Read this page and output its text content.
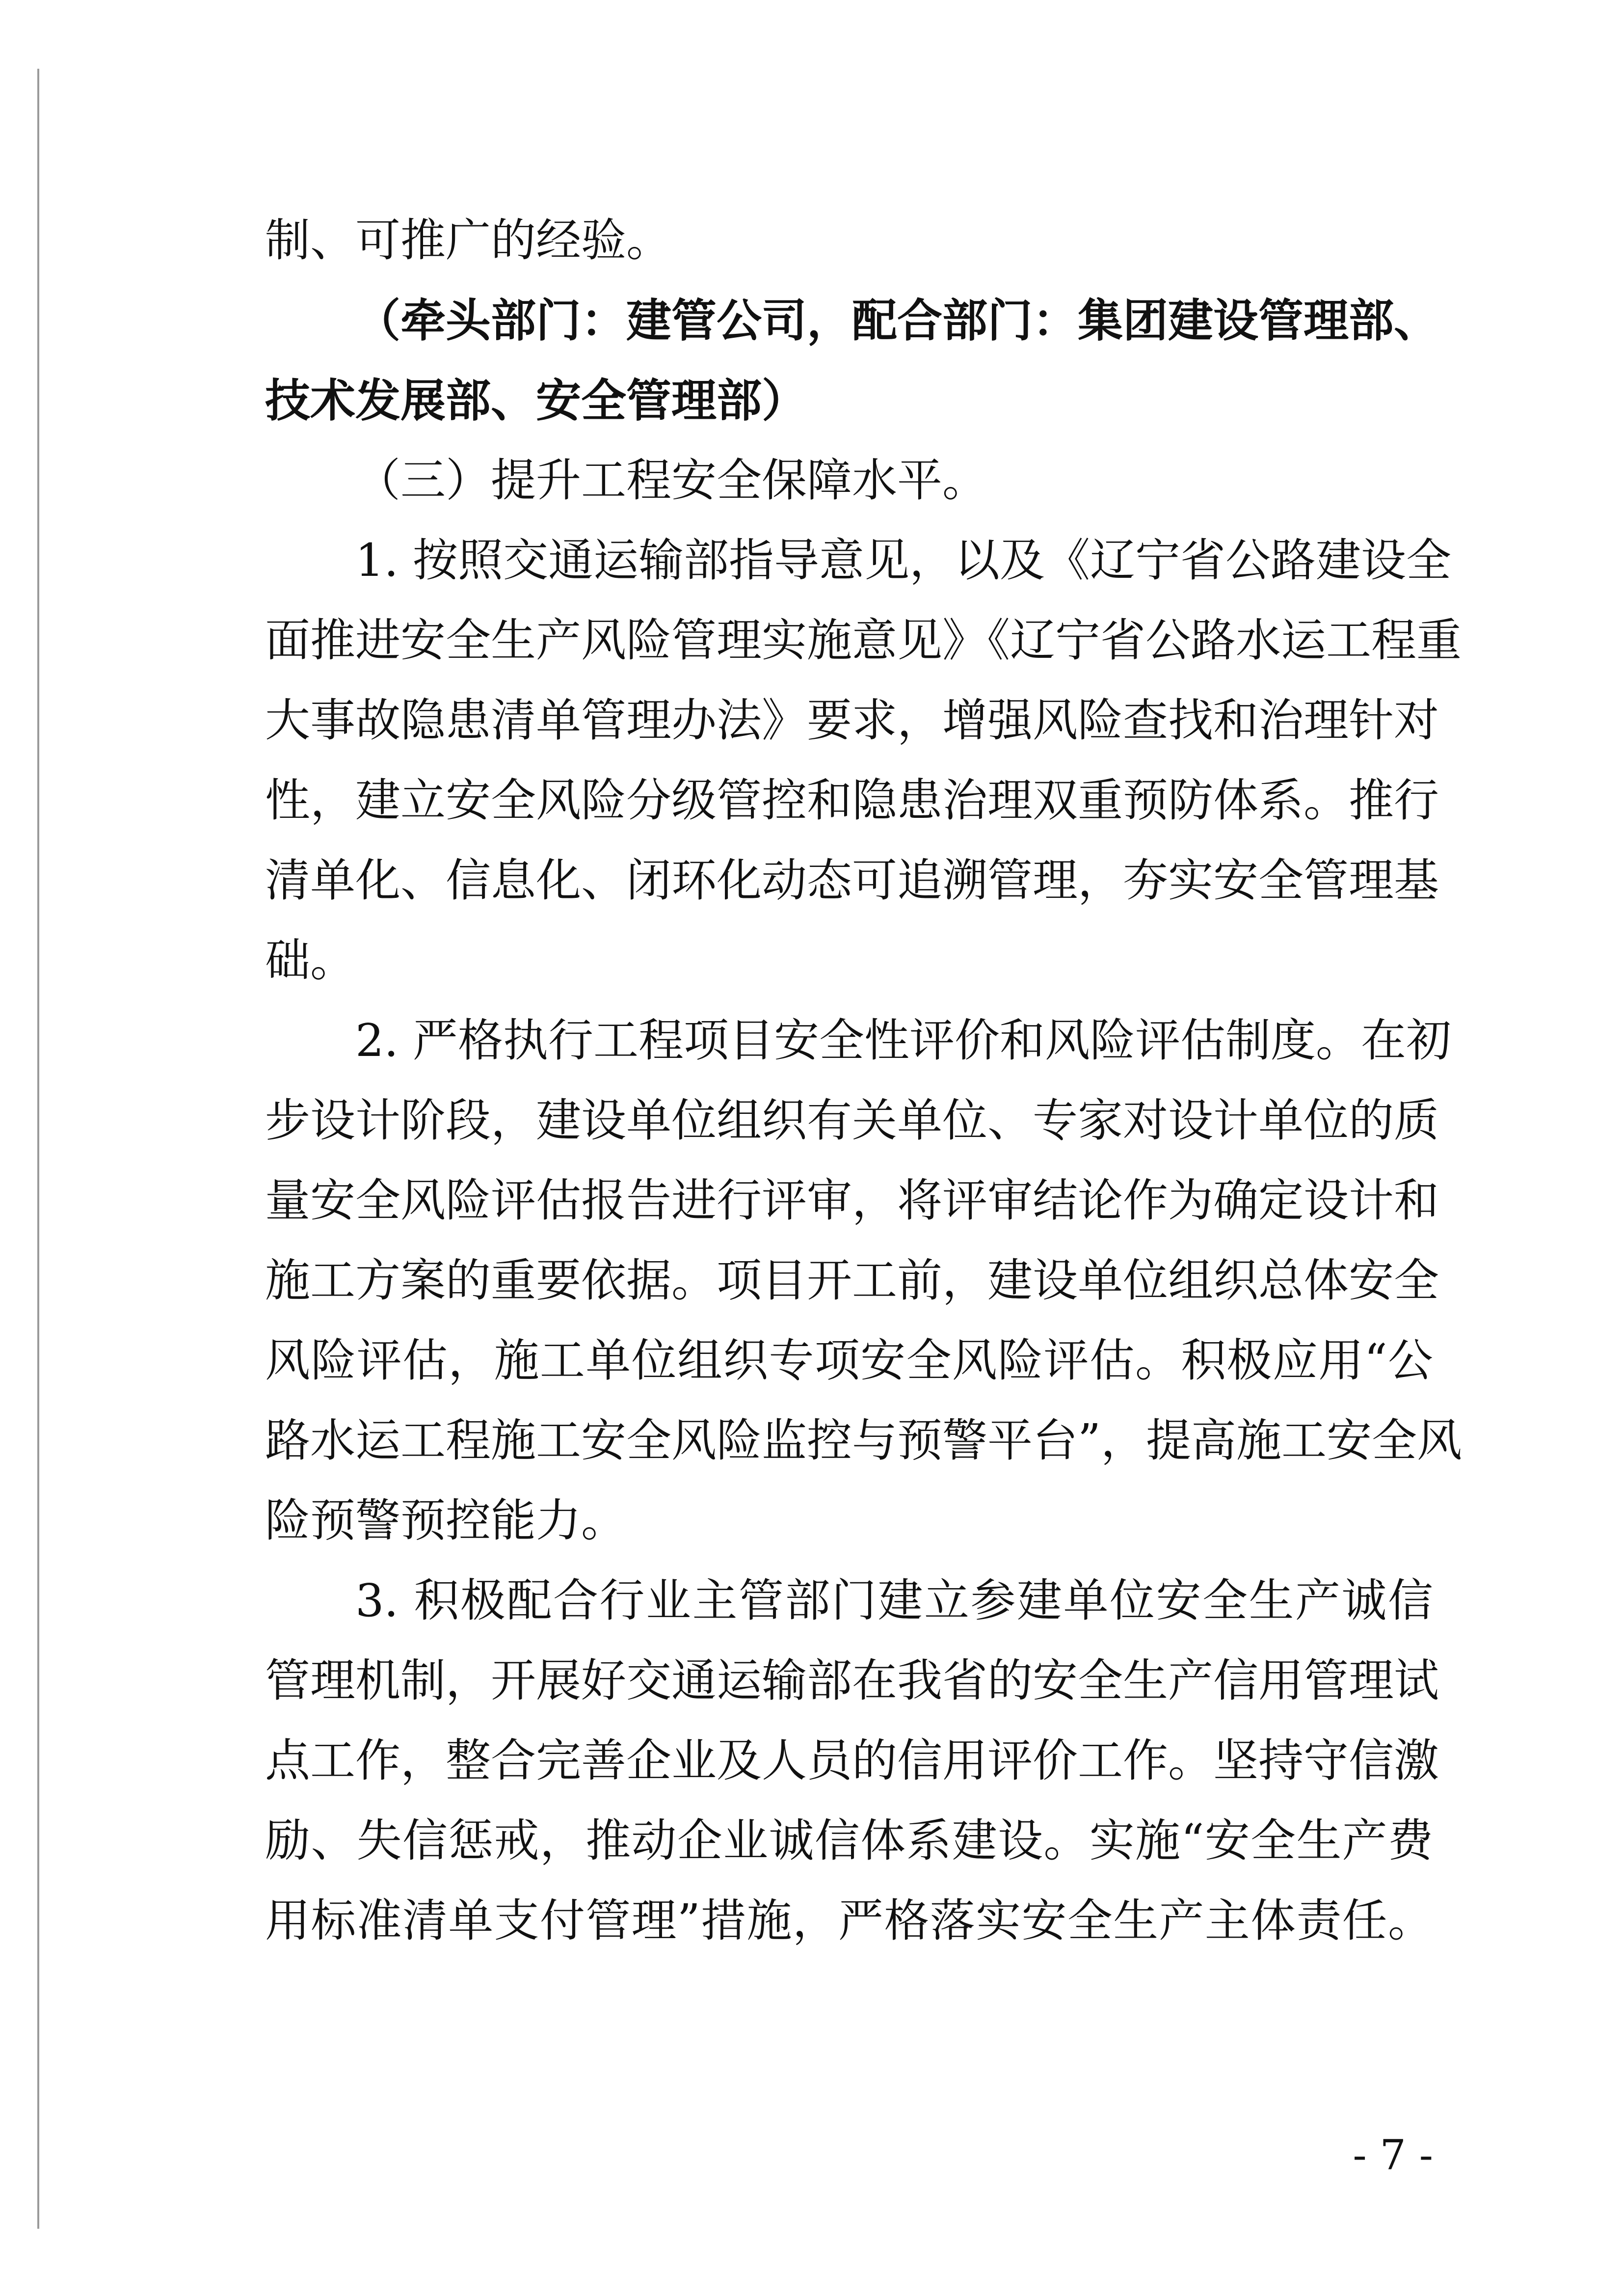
制、可推广的经验。
（牵头部门：建管公司，配合部门：集团建设管理部、
技术发展部、安全管理部）
（三）提升工程安全保障水平。
1. 按照交通运输部指导意见，以及《辽宁省公路建设全
面推进安全生产风险管理实施意见》《辽宁省公路水运工程重
大事故隐患清单管理办法》要求，增强风险查找和治理针对
性，建立安全风险分级管控和隐患治理双重预防体系。推行
清单化、信息化、闭环化动态可追溯管理，夯实安全管理基
础。
2. 严格执行工程项目安全性评价和风险评估制度。在初
步设计阶段，建设单位组织有关单位、专家对设计单位的质
量安全风险评估报告进行评审，将评审结论作为确定设计和
施工方案的重要依据。项目开工前，建设单位组织总体安全
风险评估，施工单位组织专项安全风险评估。积极应用“公
路水运工程施工安全风险监控与预警平台”，提高施工安全风
险预警预控能力。
3. 积极配合行业主管部门建立参建单位安全生产诚信
管理机制，开展好交通运输部在我省的安全生产信用管理试
点工作，整合完善企业及人员的信用评价工作。坚持守信激
励、失信惩戒，推动企业诚信体系建设。实施“安全生产费
用标准清单支付管理”措施，严格落实安全生产主体责任。
- 7 -
